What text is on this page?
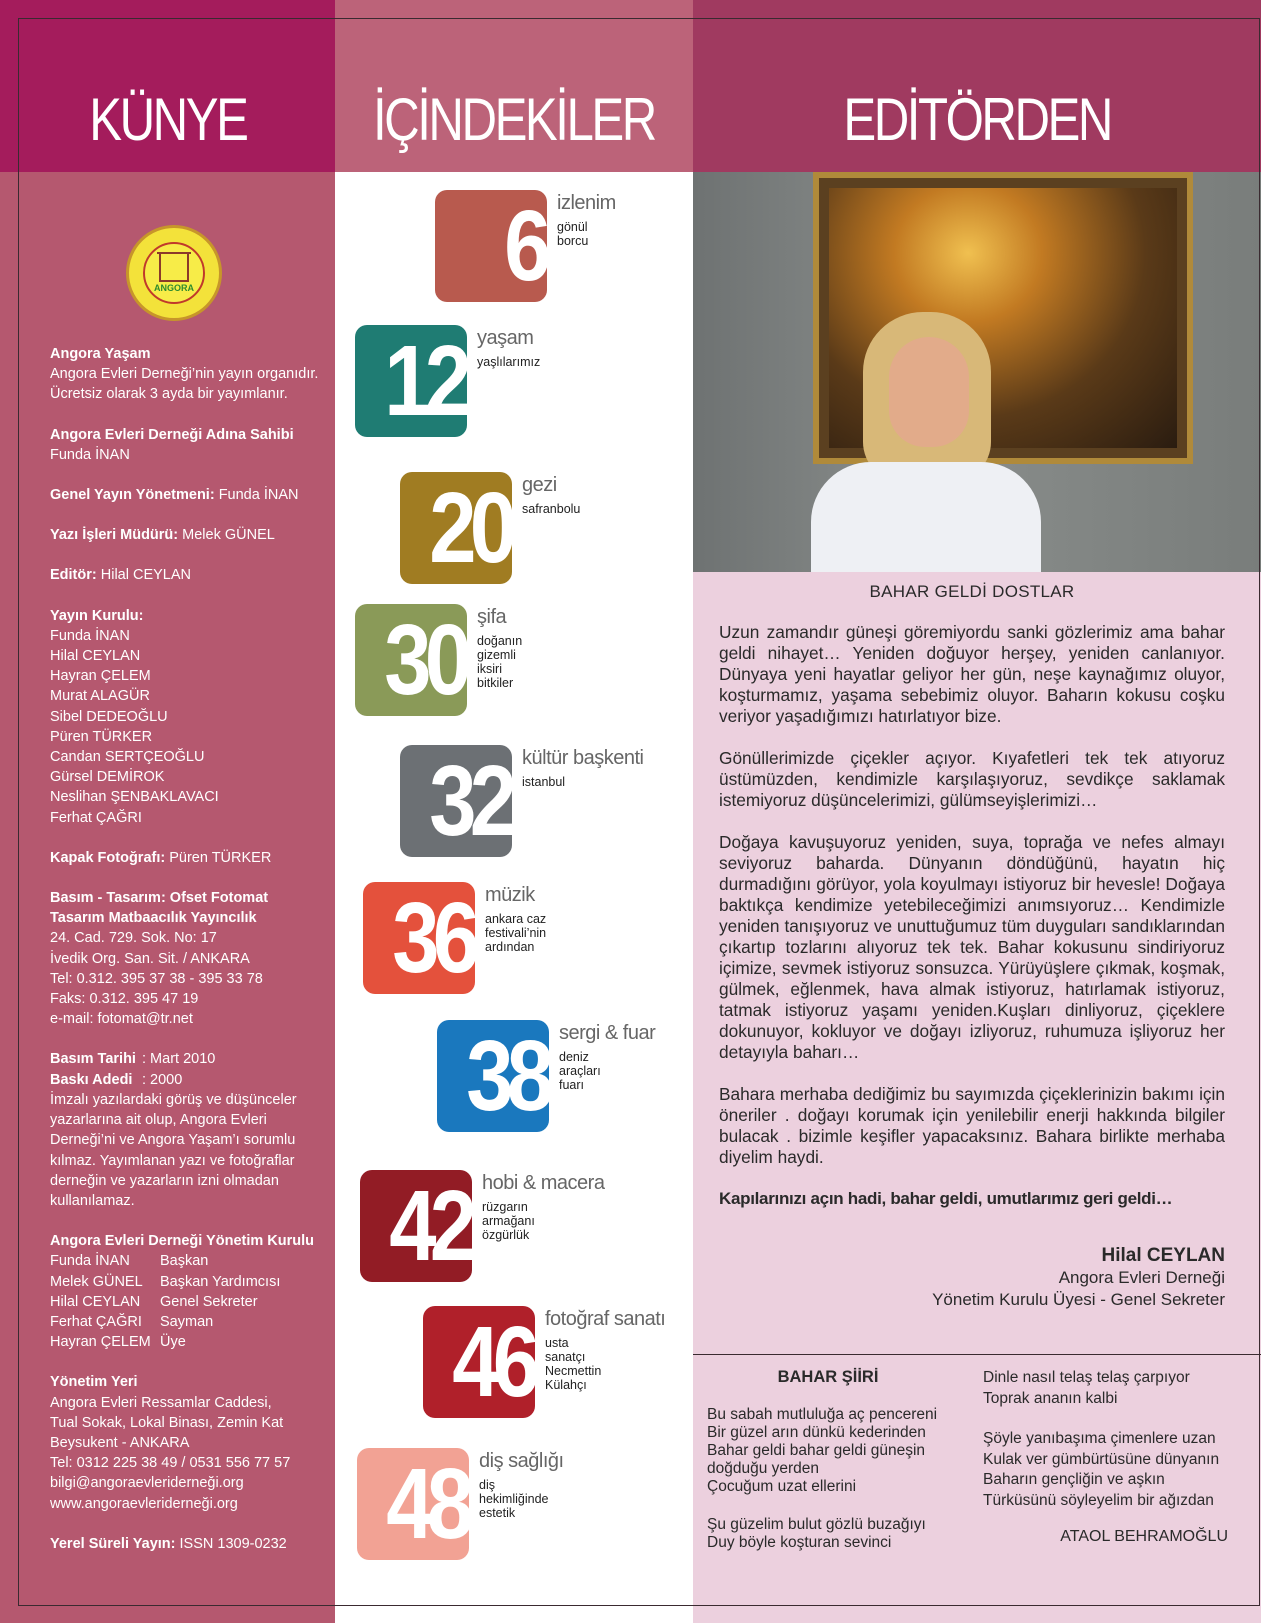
KÜNYE
ANGORA
Angora Yaşam
Angora Evleri Derneği’nin yayın organıdır.
Ücretsiz olarak 3 ayda bir yayımlanır.
Angora Evleri Derneği Adına Sahibi
Funda İNAN
Genel Yayın Yönetmeni: Funda İNAN
Yazı İşleri Müdürü: Melek GÜNEL
Editör: Hilal CEYLAN
Yayın Kurulu:
Funda İNAN
Hilal CEYLAN
Hayran ÇELEM
Murat ALAGÜR
Sibel DEDEOĞLU
Püren TÜRKER
Candan SERTÇEOĞLU
Gürsel DEMİROK
Neslihan ŞENBAKLAVACI
Ferhat ÇAĞRI
Kapak Fotoğrafı: Püren TÜRKER
Basım - Tasarım: Ofset Fotomat
Tasarım Matbaacılık Yayıncılık
24. Cad. 729. Sok. No: 17
İvedik Org. San. Sit. / ANKARA
Tel: 0.312. 395 37 38 - 395 33 78
Faks: 0.312. 395 47 19
e-mail: fotomat@tr.net
Basım Tarihi : Mart 2010
Baskı Adedi : 2000
İmzalı yazılardaki görüş ve düşünceler yazarlarına ait olup, Angora Evleri Derneği’ni ve Angora Yaşam’ı sorumlu kılmaz. Yayımlanan yazı ve fotoğraflar derneğin ve yazarların izni olmadan kullanılamaz.
Angora Evleri Derneği Yönetim Kurulu
Funda İNAN	Başkan
Melek GÜNEL	Başkan Yardımcısı
Hilal CEYLAN	Genel Sekreter
Ferhat ÇAĞRI	Sayman
Hayran ÇELEM Üye
Yönetim Yeri
Angora Evleri Ressamlar Caddesi,
Tual Sokak, Lokal Binası, Zemin Kat
Beysukent - ANKARA
Tel: 0312 225 38 49 / 0531 556 77 57
bilgi@angoraevleriderneği.org
www.angoraevleriderneği.org
Yerel Süreli Yayın: ISSN 1309-0232
İÇİNDEKİLER
6 izlenim
gönül borcu
12 yaşam
yaşlılarımız
20 gezi
safranbolu
30 şifa
doğanın gizemli iksiri bitkiler
32 kültür başkenti
istanbul
36 müzik
ankara caz festivali’nin ardından
38 sergi & fuar
deniz araçları fuarı
42 hobi & macera
rüzgarın armağanı özgürlük
46 fotoğraf sanatı
usta sanatçı
Necmettin Külahçı
48 diş sağlığı
diş hekimliğinde estetik
EDİTÖRDEN
BAHAR GELDİ DOSTLAR

Uzun zamandır güneşi göremiyordu sanki gözlerimiz ama bahar geldi nihayet… Yeniden doğuyor herşey, yeniden canlanıyor. Dünyaya yeni hayatlar geliyor her gün, neşe kaynağımız oluyor, koşturmamız, yaşama sebebimiz oluyor. Baharın kokusu coşku veriyor yaşadığımızı hatırlatıyor bize.

Gönüllerimizde çiçekler açıyor. Kıyafetleri tek tek atıyoruz üstümüzden, kendimizle karşılaşıyoruz, sevdikçe saklamak istemiyoruz düşüncelerimizi, gülümseyişlerimizi…

Doğaya kavuşuyoruz yeniden, suya, toprağa ve nefes almayı seviyoruz baharda. Dünyanın döndüğünü, hayatın hiç durmadığını görüyor, yola koyulmayı istiyoruz bir hevesle! Doğaya baktıkça kendimize yetebileceğimizi anımsıyoruz… Kendimizle yeniden tanışıyoruz ve unuttuğumuz tüm duyguları sandıklarından çıkartıp tozlarını alıyoruz tek tek. Bahar kokusunu sindiriyoruz içimize, sevmek istiyoruz sonsuzca. Yürüyüşlere çıkmak, koşmak, gülmek, eğlenmek, hava almak istiyoruz, hatırlamak istiyoruz, tatmak istiyoruz yaşamı yeniden.Kuşları dinliyoruz, çiçeklere dokunuyor, kokluyor ve doğayı izliyoruz, ruhumuza işliyoruz her detayıyla baharı…

Bahara merhaba dediğimiz bu sayımızda çiçeklerinizin bakımı için öneriler . doğayı korumak için yenilebilir enerji hakkında bilgiler bulacak . bizimle keşifler yapacaksınız. Bahara birlikte merhaba diyelim haydi.

Kapılarınızı açın hadi, bahar geldi, umutlarımız geri geldi…
Hilal CEYLAN
Angora Evleri Derneği
Yönetim Kurulu Üyesi - Genel Sekreter
BAHAR ŞİİRİ
Bu sabah mutluluğa aç pencereni
Bir güzel arın dünkü kederinden
Bahar geldi bahar geldi güneşin doğduğu yerden
Çocuğum uzat ellerini
Şu güzelim bulut gözlü buzağıyı
Duy böyle koşturan sevinci
Dinle nasıl telaş telaş çarpıyor
Toprak ananın kalbi
Şöyle yanıbaşıma çimenlere uzan
Kulak ver gümbürtüsüne dünyanın
Baharın gençliğin ve aşkın
Türküsünü söyleyelim bir ağızdan
ATAOL BEHRAMOĞLU
